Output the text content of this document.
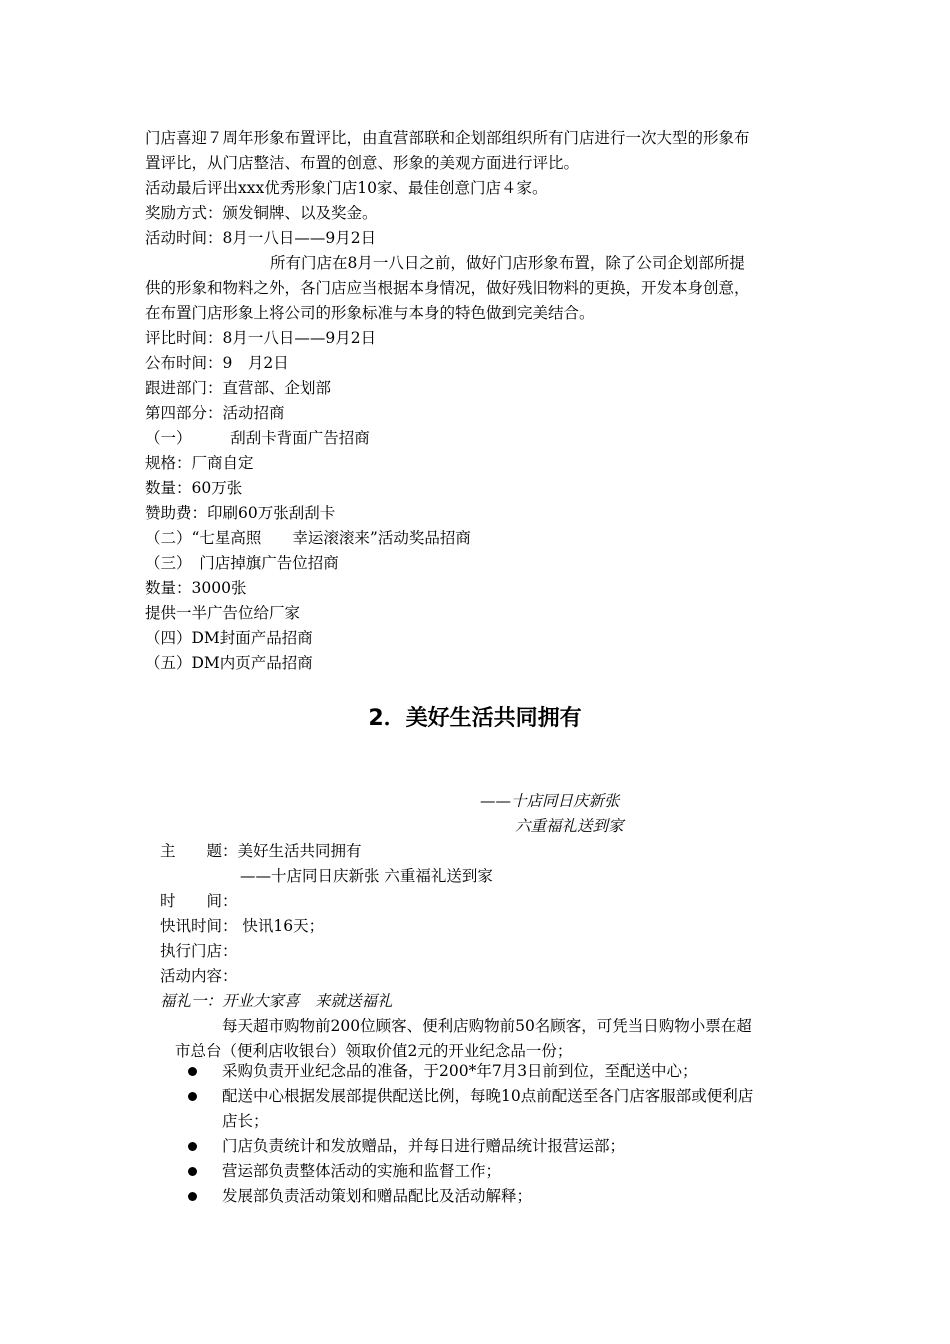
门店喜迎７周年形象布置评比，由直营部联和企划部组织所有门店进行一次大型的形象布
置评比，从门店整洁、布置的创意、形象的美观方面进行评比。
活动最后评出xxx优秀形象门店10家、最佳创意门店４家。
奖励方式：颁发铜牌、以及奖金。
活动时间：8月一八日——9月2日
所有门店在8月一八日之前，做好门店形象布置，除了公司企划部所提
供的形象和物料之外，各门店应当根据本身情况，做好残旧物料的更换，开发本身创意，
在布置门店形象上将公司的形象标准与本身的特色做到完美结合。
评比时间：8月一八日——9月2日
公布时间：9　月2日
跟进部门：直营部、企划部
第四部分：活动招商
（一）　　　刮刮卡背面广告招商
规格：厂商自定
数量：60万张
赞助费：印刷60万张刮刮卡
（二）“七星高照　　幸运滚滚来”活动奖品招商
（三）　门店掉旗广告位招商
数量：3000张
提供一半广告位给厂家
（四）DM封面产品招商
（五）DM内页产品招商
2．美好生活共同拥有
——十店同日庆新张
六重福礼送到家
主　　题：美好生活共同拥有
——十店同日庆新张 六重福礼送到家
时　　间：
快讯时间： 快讯16天；
执行门店：
活动内容：
福礼一：开业大家喜　来就送福礼
每天超市购物前200位顾客、便利店购物前50名顾客，可凭当日购物小票在超
市总台（便利店收银台）领取价值2元的开业纪念品一份；
采购负责开业纪念品的准备，于200*年7月3日前到位，至配送中心；
配送中心根据发展部提供配送比例，每晚10点前配送至各门店客服部或便利店
店长；
门店负责统计和发放赠品，并每日进行赠品统计报营运部；
营运部负责整体活动的实施和监督工作；
发展部负责活动策划和赠品配比及活动解释；
